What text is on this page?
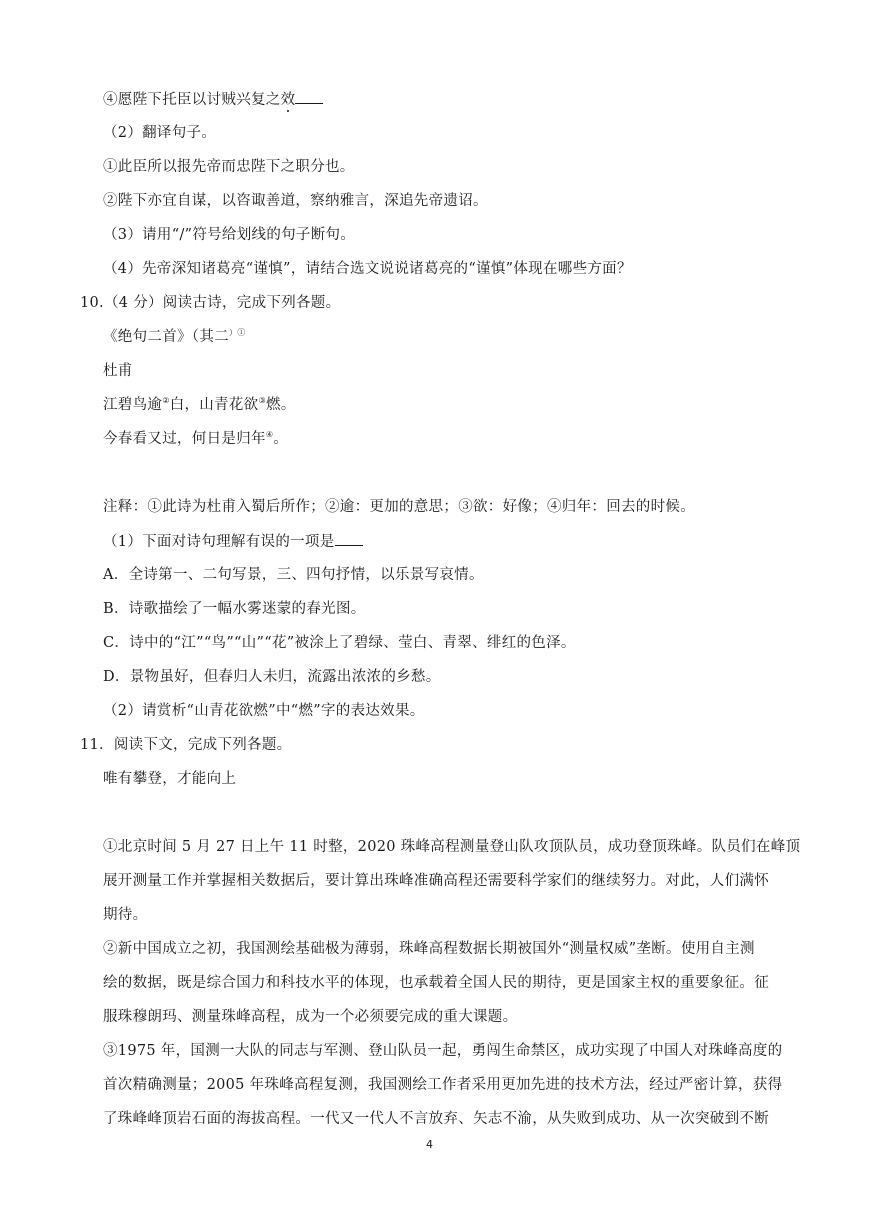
④愿陛下托臣以讨贼兴复之效
（2）翻译句子。
①此臣所以报先帝而忠陛下之职分也。
②陛下亦宜自谋，以咨诹善道，察纳雅言，深追先帝遗诏。
（3）请用“/”符号给划线的句子断句。
（4）先帝深知诸葛亮“谨慎”，请结合选文说说诸葛亮的“谨慎”体现在哪些方面？
10.（4 分）阅读古诗，完成下列各题。
《绝句二首》（其二）①
杜甫
江碧鸟逾②白，山青花欲③燃。
今春看又过，何日是归年④。
注释：①此诗为杜甫入蜀后所作；②逾：更加的意思；③欲：好像；④归年：回去的时候。
（1）下面对诗句理解有误的一项是
A．全诗第一、二句写景，三、四句抒情，以乐景写哀情。
B．诗歌描绘了一幅水雾迷蒙的春光图。
C．诗中的“江”“鸟”“山”“花”被涂上了碧绿、莹白、青翠、绯红的色泽。
D．景物虽好，但春归人未归，流露出浓浓的乡愁。
（2）请赏析“山青花欲燃”中“燃”字的表达效果。
11．阅读下文，完成下列各题。
唯有攀登，才能向上
①北京时间 5 月 27 日上午 11 时整，2020 珠峰高程测量登山队攻顶队员，成功登顶珠峰。队员们在峰顶
展开测量工作并掌握相关数据后，要计算出珠峰准确高程还需要科学家们的继续努力。对此，人们满怀
期待。
②新中国成立之初，我国测绘基础极为薄弱，珠峰高程数据长期被国外“测量权威”垄断。使用自主测
绘的数据，既是综合国力和科技水平的体现，也承载着全国人民的期待，更是国家主权的重要象征。征
服珠穆朗玛、测量珠峰高程，成为一个必须要完成的重大课题。
③1975 年，国测一大队的同志与军测、登山队员一起，勇闯生命禁区，成功实现了中国人对珠峰高度的
首次精确测量；2005 年珠峰高程复测，我国测绘工作者采用更加先进的技术方法，经过严密计算，获得
了珠峰峰顶岩石面的海拔高程。一代又一代人不言放弃、矢志不渝，从失败到成功、从一次突破到不断
4
